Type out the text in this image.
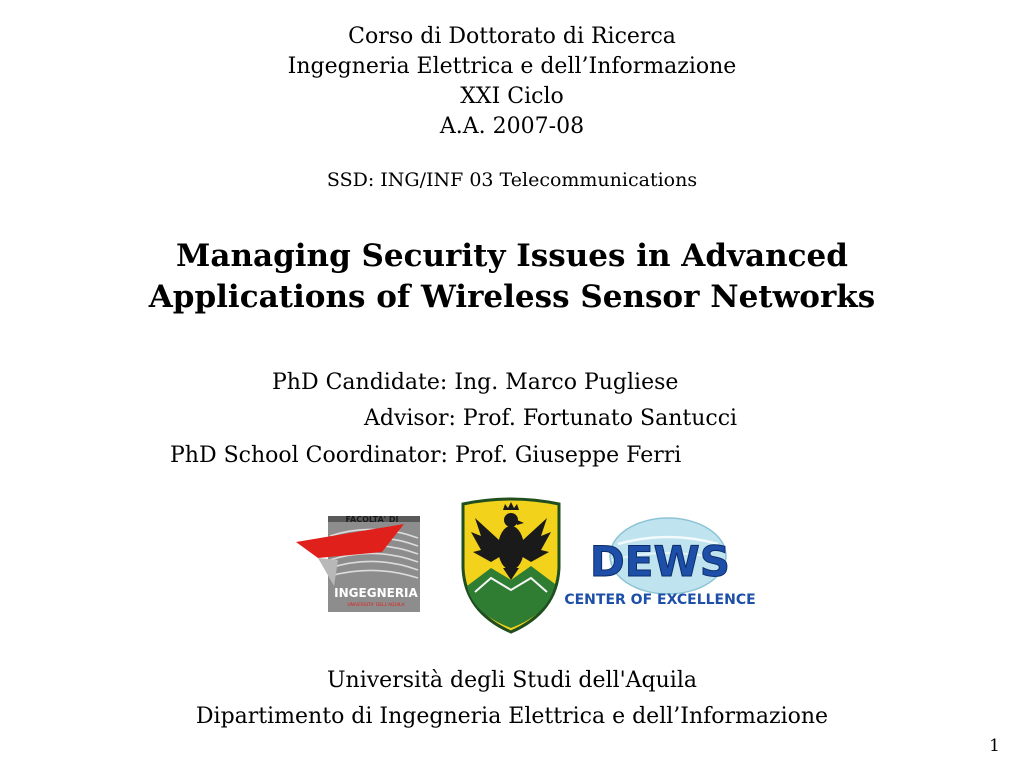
Corso di Dottorato di Ricerca
Ingegneria Elettrica e dell’Informazione
XXI Ciclo
A.A. 2007-08
SSD: ING/INF 03 Telecommunications
Managing Security Issues in Advanced
Applications of Wireless Sensor Networks
PhD Candidate: Ing. Marco Pugliese
Advisor: Prof. Fortunato Santucci
PhD School Coordinator: Prof. Giuseppe Ferri
FACOLTA' DI
INGEGNERIA
UNIVERSITA' DELL'AQUILA
DEWS
CENTER OF EXCELLENCE
Università degli Studi dell'Aquila
Dipartimento di Ingegneria Elettrica e dell’Informazione
1
